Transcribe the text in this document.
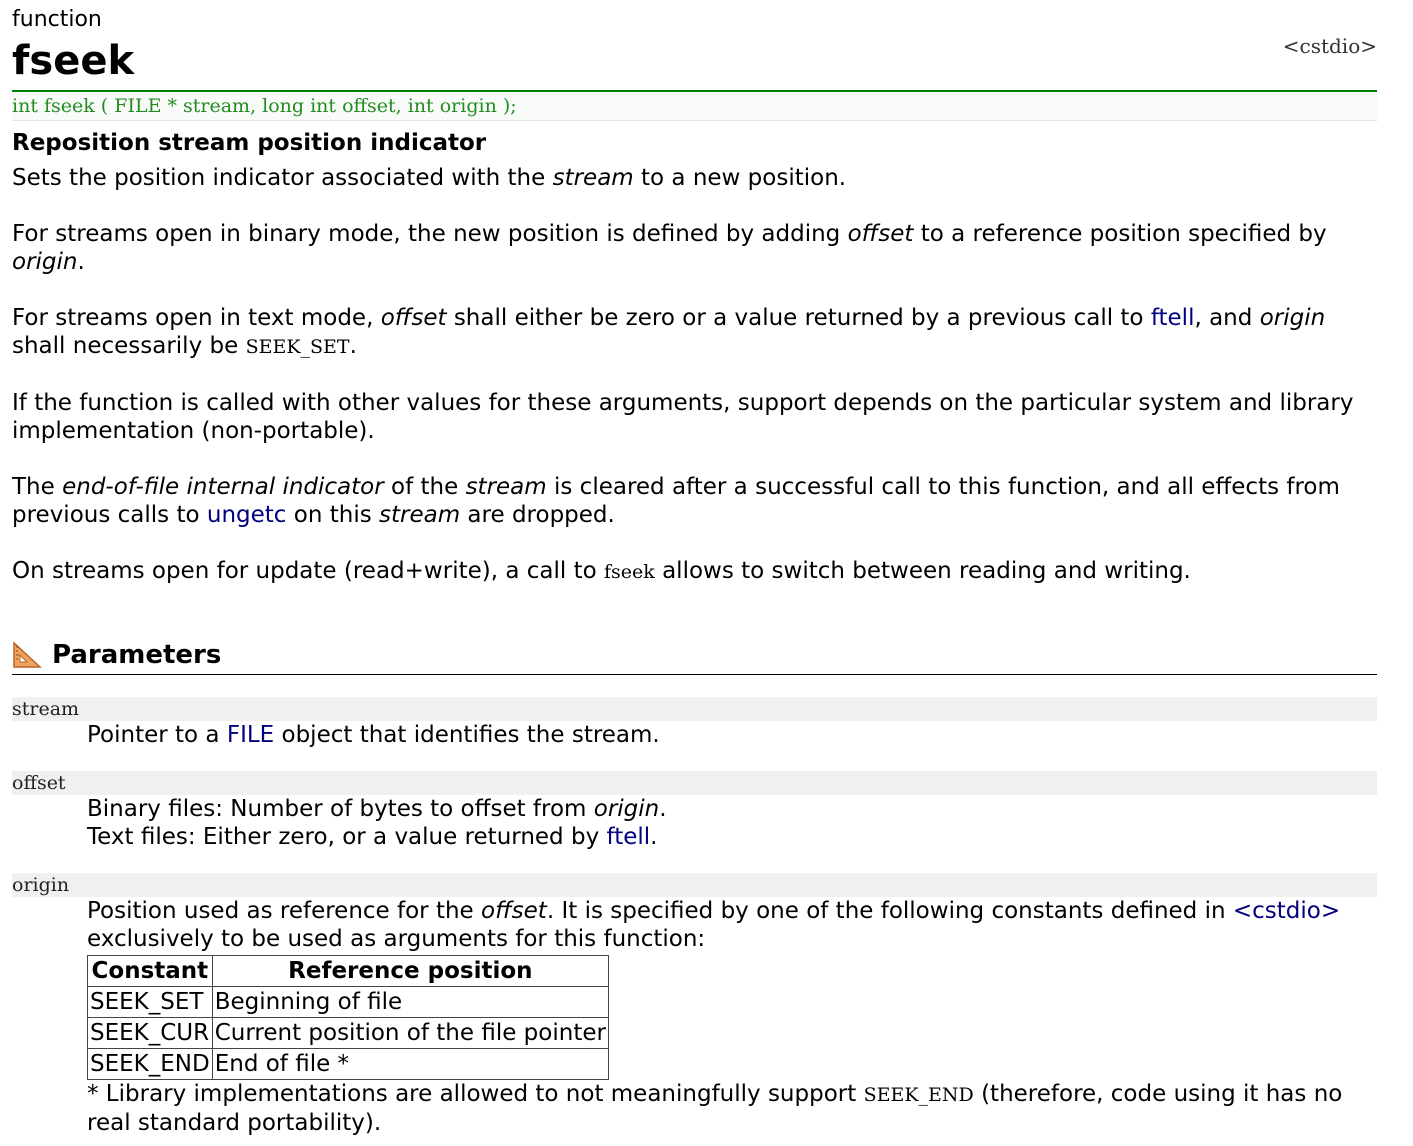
function
fseek	<cstdio>
int fseek ( FILE * stream, long int offset, int origin );
Reposition stream position indicator

Sets the position indicator associated with the stream to a new position.

For streams open in binary mode, the new position is defined by adding offset to a reference position specified by origin.

For streams open in text mode, offset shall either be zero or a value returned by a previous call to ftell, and origin shall necessarily be SEEK_SET.

If the function is called with other values for these arguments, support depends on the particular system and library implementation (non-portable).

The end-of-file internal indicator of the stream is cleared after a successful call to this function, and all effects from previous calls to ungetc on this stream are dropped.

On streams open for update (read+write), a call to fseek allows to switch between reading and writing.

Parameters
stream
Pointer to a FILE object that identifies the stream.
offset
Binary files: Number of bytes to offset from origin.
Text files: Either zero, or a value returned by ftell.
origin
Position used as reference for the offset. It is specified by one of the following constants defined in <cstdio> exclusively to be used as arguments for this function:
Constant	Reference position
SEEK_SET	Beginning of file
SEEK_CUR	Current position of the file pointer
SEEK_END	End of file *
* Library implementations are allowed to not meaningfully support SEEK_END (therefore, code using it has no real standard portability).
